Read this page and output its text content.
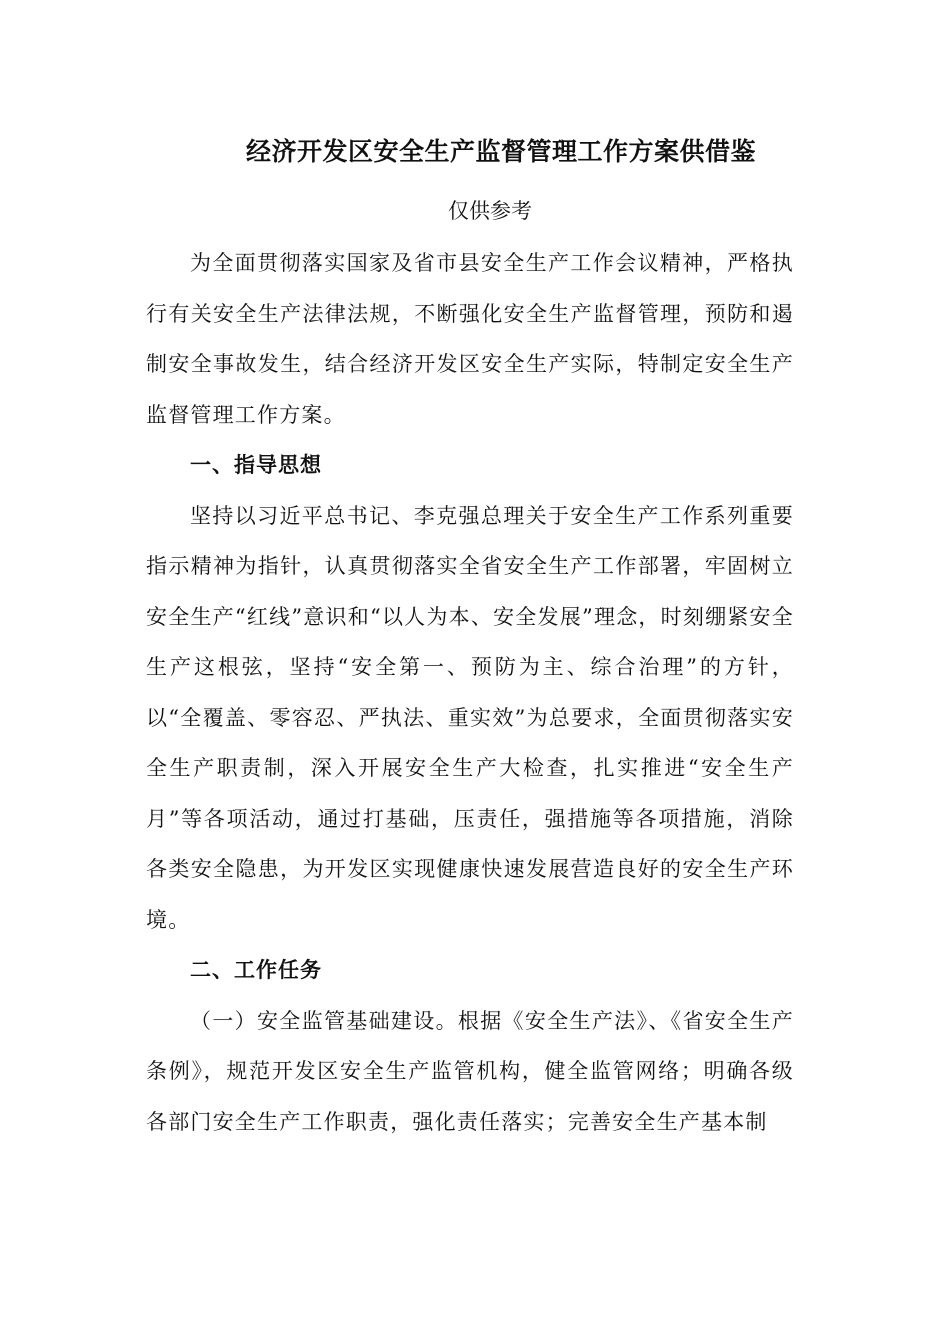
经济开发区安全生产监督管理工作方案供借鉴
仅供参考

为全面贯彻落实国家及省市县安全生产工作会议精神，严格执行有关安全生产法律法规，不断强化安全生产监督管理，预防和遏制安全事故发生，结合经济开发区安全生产实际，特制定安全生产监督管理工作方案。

一、指导思想

坚持以习近平总书记、李克强总理关于安全生产工作系列重要指示精神为指针，认真贯彻落实全省安全生产工作部署，牢固树立安全生产“红线”意识和“以人为本、安全发展”理念，时刻绷紧安全生产这根弦，坚持“安全第一、预防为主、综合治理”的方针，以“全覆盖、零容忍、严执法、重实效”为总要求，全面贯彻落实安全生产职责制，深入开展安全生产大检查，扎实推进“安全生产月”等各项活动，通过打基础，压责任，强措施等各项措施，消除各类安全隐患，为开发区实现健康快速发展营造良好的安全生产环境。

二、工作任务

（一）安全监管基础建设。根据《安全生产法》、《省安全生产条例》，规范开发区安全生产监管机构，健全监管网络；明确各级各部门安全生产工作职责，强化责任落实；完善安全生产基本制
